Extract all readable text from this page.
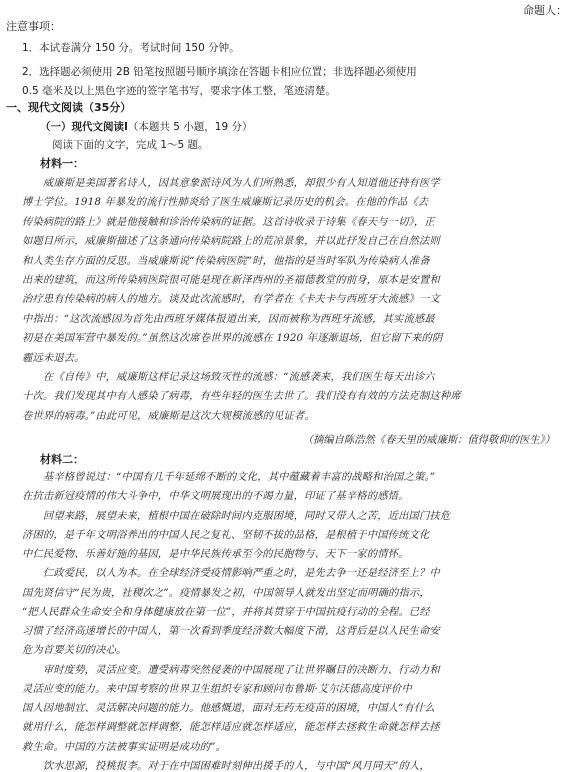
命题人：
注意事项：
1．本试卷满分 150 分。考试时间 150 分钟。
2．选择题必须使用 2B 铅笔按照题号顺序填涂在答题卡相应位置；非选择题必须使用
0.5 毫米及以上黑色字迹的签字笔书写，要求字体工整，笔迹清楚。
一、现代文阅读（35分）
（一）现代文阅读Ⅰ（本题共 5 小题，19 分）
阅读下面的文字，完成 1～5 题。
材料一：
　　威廉斯是美国著名诗人，因其意象派诗风为人们所熟悉，却很少有人知道他还持有医学
博士学位。1918 年暴发的流行性肺炎给了医生威廉斯记录历史的机会。在他的作品《去
传染病院的路上》就是他接触和诊治传染病的证据。这首诗收录于诗集《春天与一切》，正
如题目所示，威廉斯描述了这条通向传染病院路上的荒凉景象，并以此抒发自己在自然法则
和人类生存方面的反思。当威廉斯说“传染病医院”时，他指的是当时军队为传染病人准备
出来的建筑，而这所传染病医院很可能是现在新泽西州的圣福德教堂的前身，原本是安置和
治疗患有传染病的病人的地方。谈及此次流感时，有学者在《卡夫卡与西班牙大流感》一文
中指出：“这次流感因为首先由西班牙媒体报道出来，因而被称为西班牙流感，其实流感最
初是在美国军营中暴发的。”虽然这次席卷世界的流感在 1920 年逐渐退场，但它留下来的阴
霾远未退去。
　　在《自传》中，威廉斯这样记录这场致灭性的流感：“流感袭来，我们医生每天出诊六
十次。我们发现其中有人感染了病毒，有些年轻的医生去世了。我们没有有效的方法克制这种席
卷世界的病毒。”由此可见，威廉斯是这次大规模流感的见证者。
（摘编自陈浩然《春天里的威廉斯：值得敬仰的医生》）
材料二：
　　基辛格曾说过：“中国有几千年延绵不断的文化，其中蕴藏着丰富的战略和治国之策。”
在抗击新冠疫情的伟大斗争中，中华文明展现出的不竭力量，印证了基辛格的感悟。
　　回望来路，展望未来，植根中国在破除时间内克服困境，同时又带人之苦，近出国门扶危
济困的，是千年文明浴养出的中国人民之复礼、坚韧不拔的品格，是根植于中国传统文化
中仁民爱物、乐善好施的基因，是中华民族传承至今的民胞物与、天下一家的情怀。
　　仁政爱民，以人为本。在全球经济受疫情影响严重之时，是先去争一还是经济至上？中
国先贤信守“民为贵，社稷次之”。疫情暴发之初，中国领导人就发出坚定而明确的指示，
“把人民群众生命安全和身体健康放在第一位”，并将其贯穿于中国抗疫行动的全程。已经
习惯了经济高速增长的中国人，第一次看到季度经济数大幅度下滑，这背后是以人民生命安
危为首要关切的决心。
　　审时度势，灵活应变。遭受病毒突然侵袭的中国展现了让世界瞩目的决断力、行动力和
灵活应变的能力。来中国考察的世界卫生组织专家和顾问布鲁斯·艾尔沃德高度评价中
国人因地制宜、灵活解决问题的能力。他感慨道，面对无药无疫苗的困境，中国人“有什么
就用什么，能怎样调整就怎样调整，能怎样适应就怎样适应，能怎样去拯救生命就怎样去拯
救生命。中国的方法被事实证明是成功的”。
　　饮水思源，投桃报李。对于在中国困难时刻伸出援手的人，与中国“风月同天”的人，
